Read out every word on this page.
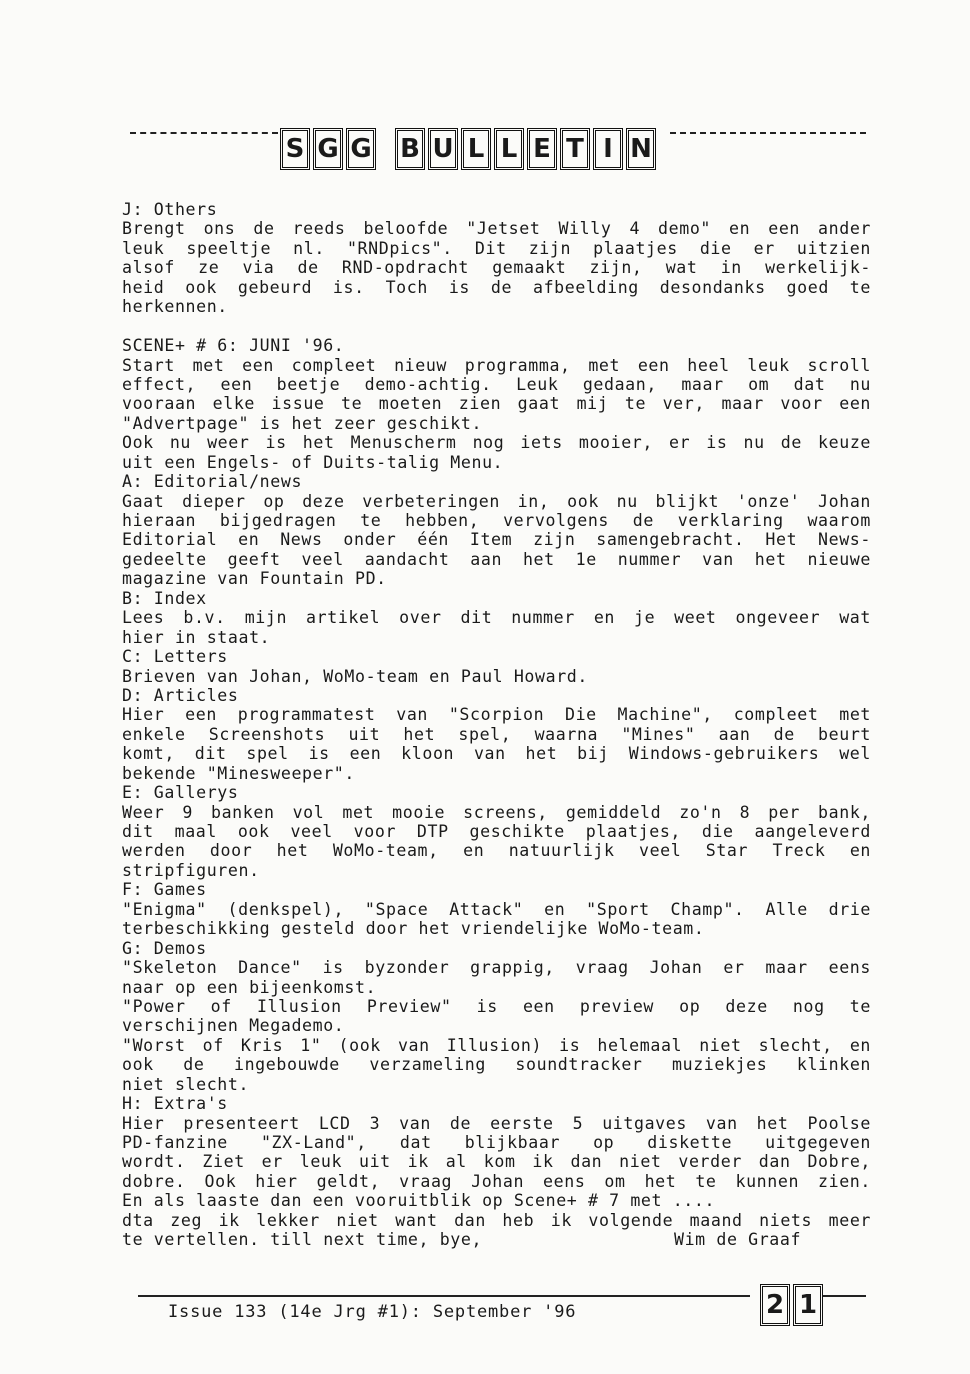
S G G B U L L E T I N
J: Others
Brengt ons de reeds beloofde "Jetset Willy 4 demo" en een ander
leuk speeltje nl. "RNDpics". Dit zijn plaatjes die er uitzien
alsof ze via de RND-opdracht gemaakt zijn, wat in werkelijk-
heid ook gebeurd is. Toch is de afbeelding desondanks goed te
herkennen.
SCENE+ # 6: JUNI '96.
Start met een compleet nieuw programma, met een heel leuk scroll
effect, een beetje demo-achtig. Leuk gedaan, maar om dat nu
vooraan elke issue te moeten zien gaat mij te ver, maar voor een
"Advertpage" is het zeer geschikt.
Ook nu weer is het Menuscherm nog iets mooier, er is nu de keuze
uit een Engels- of Duits-talig Menu.
A: Editorial/news
Gaat dieper op deze verbeteringen in, ook nu blijkt 'onze' Johan
hieraan bijgedragen te hebben, vervolgens de verklaring waarom
Editorial en News onder één Item zijn samengebracht. Het News-
gedeelte geeft veel aandacht aan het 1e nummer van het nieuwe
magazine van Fountain PD.
B: Index
Lees b.v. mijn artikel over dit nummer en je weet ongeveer wat
hier in staat.
C: Letters
Brieven van Johan, WoMo-team en Paul Howard.
D: Articles
Hier een programmatest van "Scorpion Die Machine", compleet met
enkele Screenshots uit het spel, waarna "Mines" aan de beurt
komt, dit spel is een kloon van het bij Windows-gebruikers wel
bekende "Minesweeper".
E: Gallerys
Weer 9 banken vol met mooie screens, gemiddeld zo'n 8 per bank,
dit maal ook veel voor DTP geschikte plaatjes, die aangeleverd
werden door het WoMo-team, en natuurlijk veel Star Treck en
stripfiguren.
F: Games
"Enigma" (denkspel), "Space Attack" en "Sport Champ". Alle drie
terbeschikking gesteld door het vriendelijke WoMo-team.
G: Demos
"Skeleton Dance" is byzonder grappig, vraag Johan er maar eens
naar op een bijeenkomst.
"Power of Illusion Preview" is een preview op deze nog te
verschijnen Megademo.
"Worst of Kris 1" (ook van Illusion) is helemaal niet slecht, en
ook de ingebouwde verzameling soundtracker muziekjes klinken
niet slecht.
H: Extra's
Hier presenteert LCD 3 van de eerste 5 uitgaves van het Poolse
PD-fanzine "ZX-Land", dat blijkbaar op diskette uitgegeven
wordt. Ziet er leuk uit ik al kom ik dan niet verder dan Dobre,
dobre. Ook hier geldt, vraag Johan eens om het te kunnen zien.
En als laaste dan een vooruitblik op Scene+ # 7 met ....
dta zeg ik lekker niet want dan heb ik volgende maand niets meer
te vertellen. till next time, bye,	Wim de Graaf
Issue 133 (14e Jrg #1): September '96	2 1
